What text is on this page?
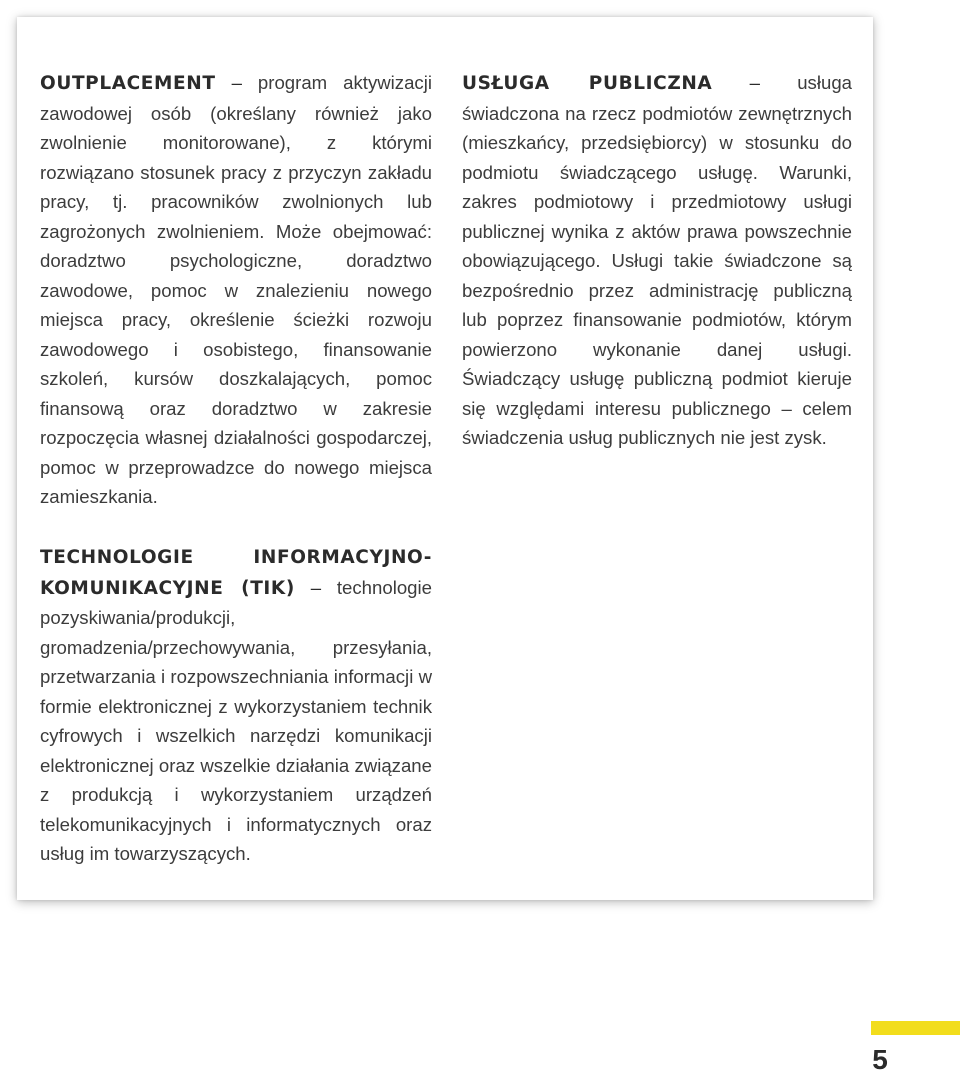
OUTPLACEMENT – program aktywizacji zawodowej osób (określany również jako zwolnienie monitorowane), z którymi rozwiązano stosunek pracy z przyczyn zakładu pracy, tj. pracowników zwolnionych lub zagrożonych zwolnieniem. Może obejmować: doradztwo psychologiczne, doradztwo zawodowe, pomoc w znalezieniu nowego miejsca pracy, określenie ścieżki rozwoju zawodowego i osobistego, finansowanie szkoleń, kursów doszkalających, pomoc finansową oraz doradztwo w zakresie rozpoczęcia własnej działalności gospodarczej, pomoc w przeprowadzce do nowego miejsca zamieszkania.

USŁUGA PUBLICZNA – usługa świadczona na rzecz podmiotów zewnętrznych (mieszkańcy, przedsiębiorcy) w stosunku do podmiotu świadczącego usługę. Warunki, zakres podmiotowy i przedmiotowy usługi publicznej wynika z aktów prawa powszechnie obowiązującego. Usługi takie świadczone są bezpośrednio przez administrację publiczną lub poprzez finansowanie podmiotów, którym powierzono wykonanie danej usługi. Świadczący usługę publiczną podmiot kieruje się względami interesu publicznego – celem świadczenia usług publicznych nie jest zysk.

TECHNOLOGIE INFORMACYJNO-KOMUNIKACYJNE (TIK) – technologie pozyskiwania/produkcji, gromadzenia/przechowywania, przesyłania, przetwarzania i rozpowszechniania informacji w formie elektronicznej z wykorzystaniem technik cyfrowych i wszelkich narzędzi komunikacji elektronicznej oraz wszelkie działania związane z produkcją i wykorzystaniem urządzeń telekomunikacyjnych i informatycznych oraz usług im towarzyszących.

5
